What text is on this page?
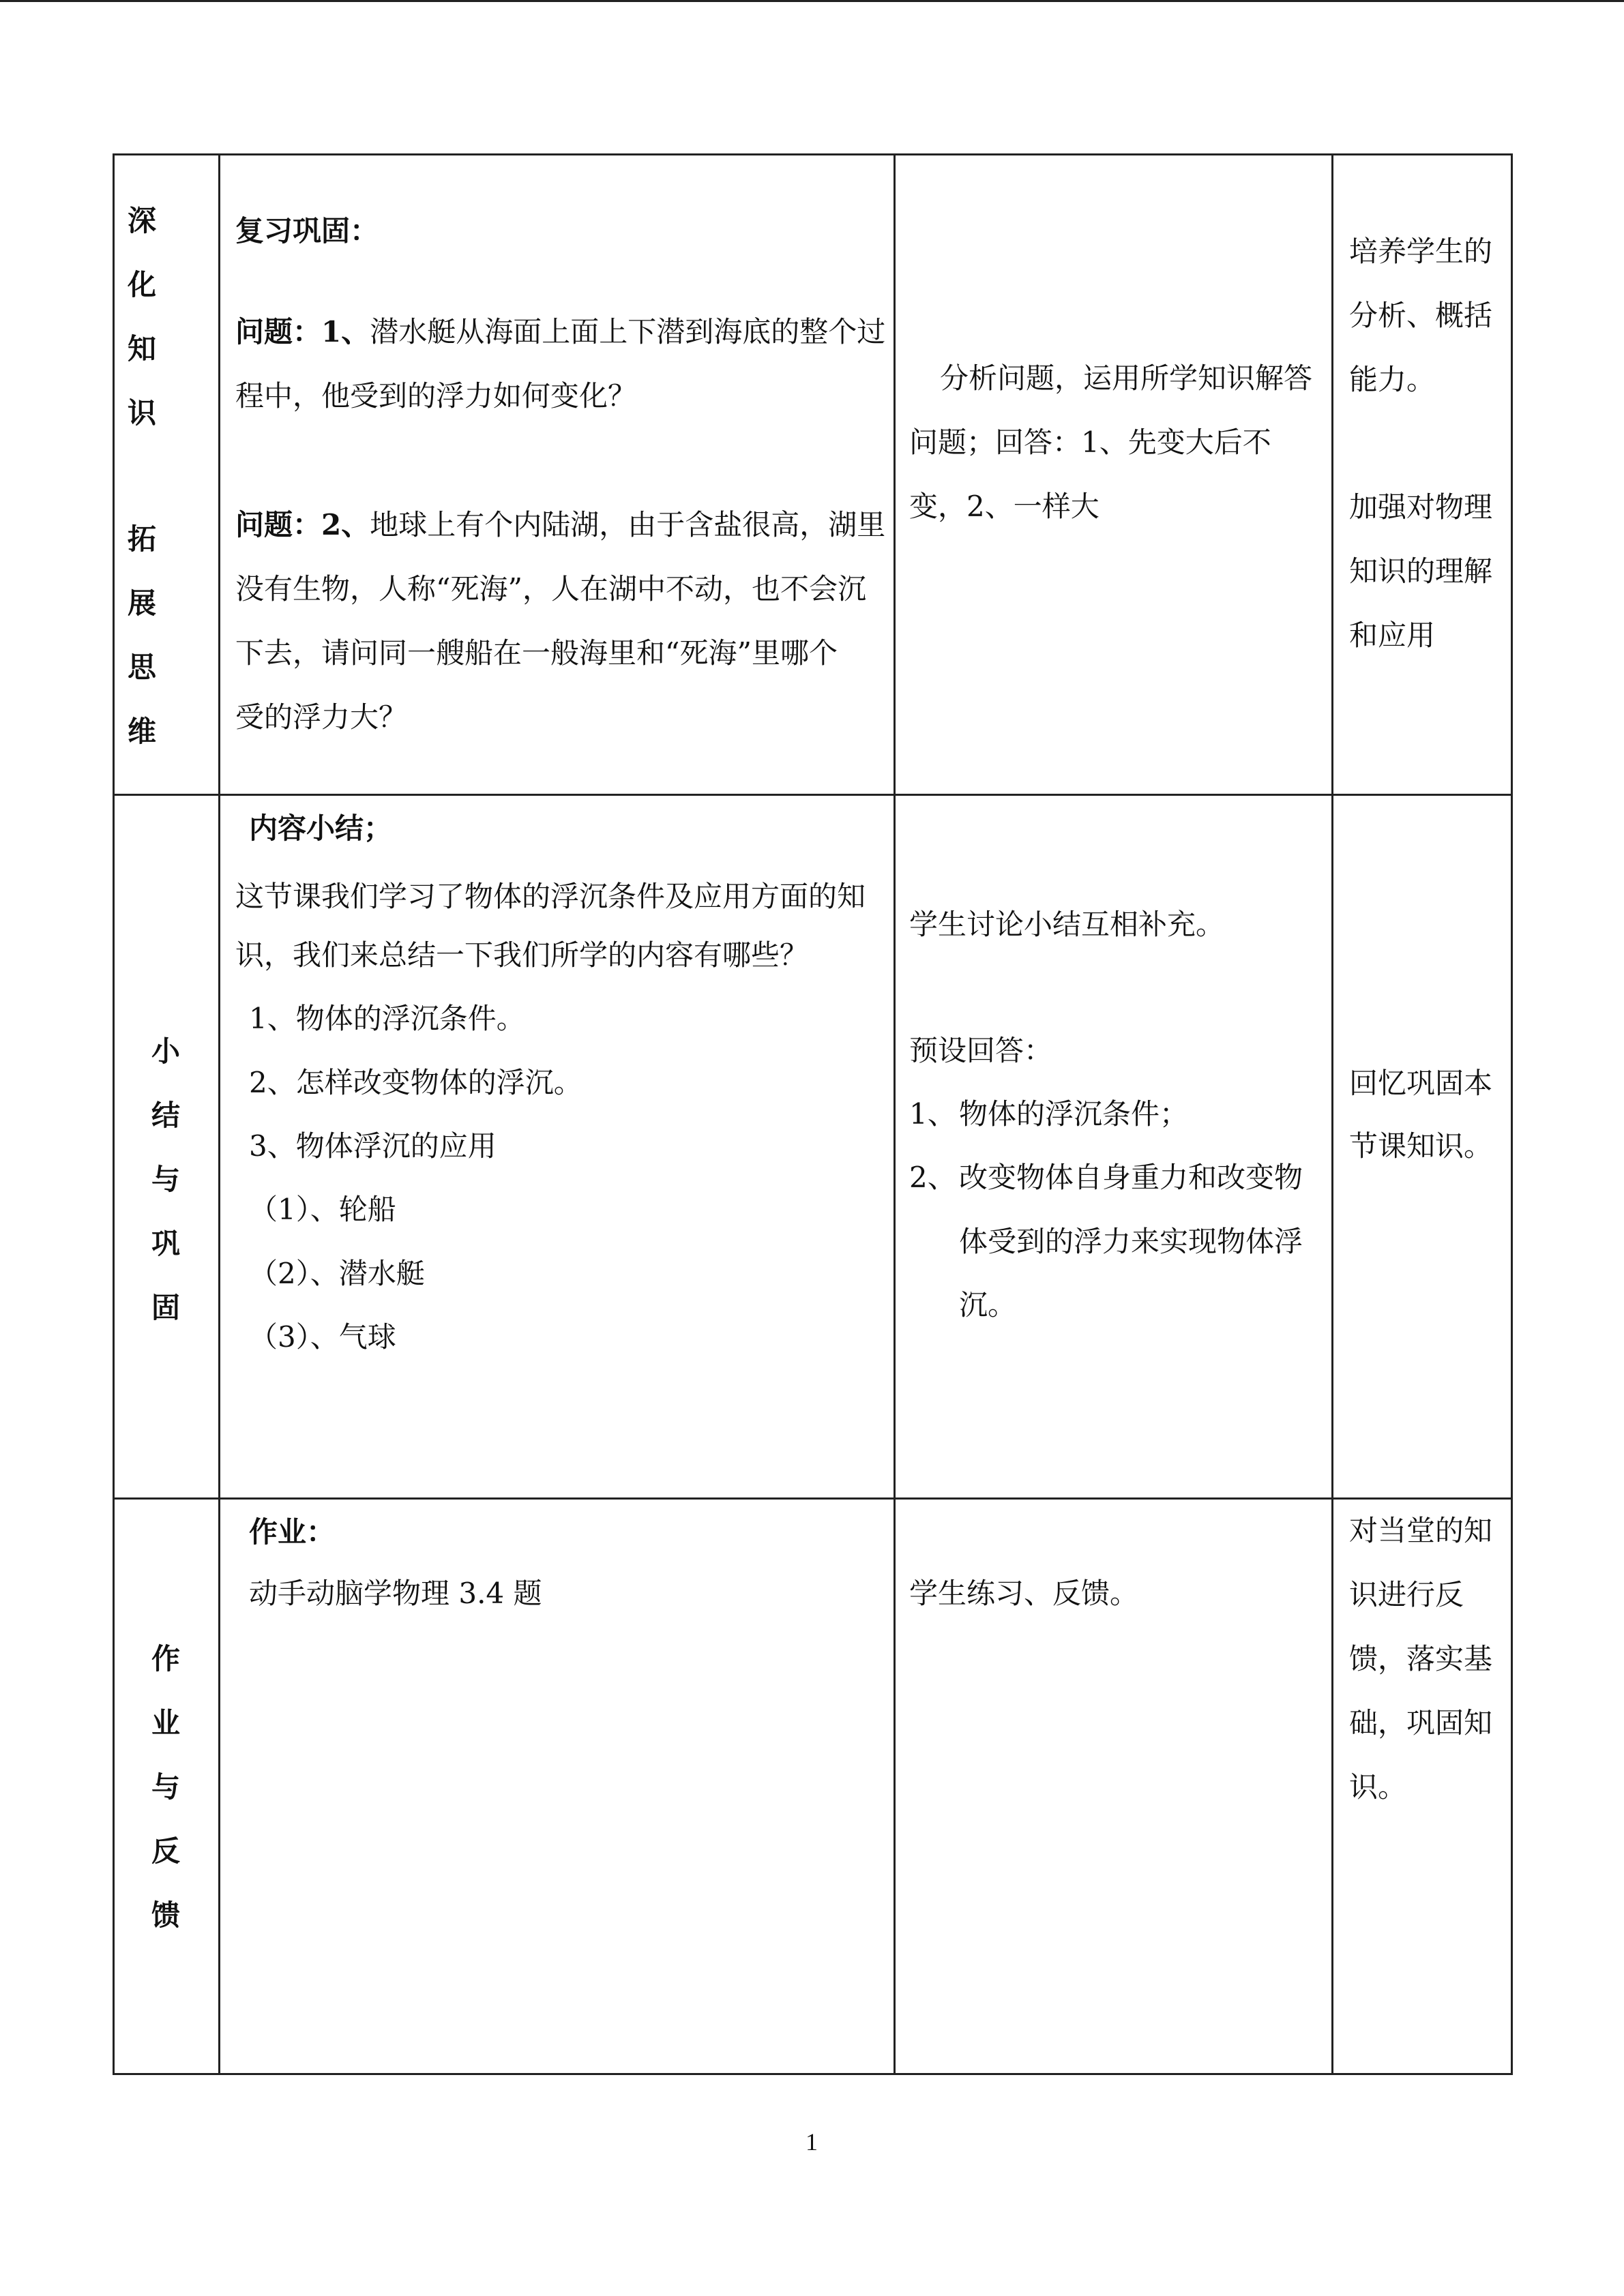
深化知识
拓展思维
复习巩固：
问题：1、潜水艇从海面上面上下潜到海底的整个过
程中，他受到的浮力如何变化？
问题：2、地球上有个内陆湖，由于含盐很高，湖里
没有生物，人称“死海”，人在湖中不动，也不会沉
下去，请问同一艘船在一般海里和“死海”里哪个
受的浮力大？
分析问题，运用所学知识解答
问题；回答：1、先变大后不
变，2、一样大
培养学生的
分析、概括
能力。
加强对物理
知识的理解
和应用
小结与巩固
内容小结；
这节课我们学习了物体的浮沉条件及应用方面的知
识，我们来总结一下我们所学的内容有哪些？
1、物体的浮沉条件。
2、怎样改变物体的浮沉。
3、物体浮沉的应用
（1）、轮船
（2）、潜水艇
（3）、气球
学生讨论小结互相补充。
预设回答：
1、 物体的浮沉条件；
2、 改变物体自身重力和改变物
体受到的浮力来实现物体浮
沉。
回忆巩固本
节课知识。
作业与反馈
作业：
动手动脑学物理 3.4 题	学生练习、反馈。
对当堂的知
识进行反
馈，落实基
础，巩固知
识。
1
